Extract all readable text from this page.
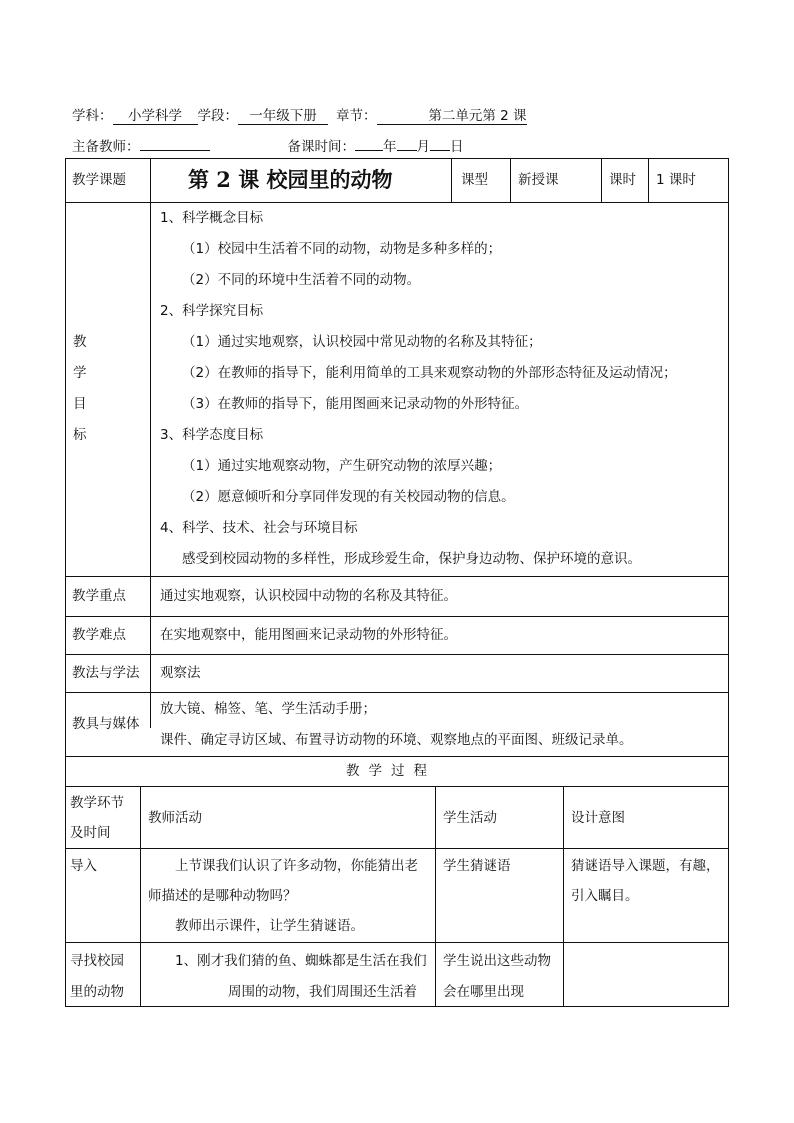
学科： 小学科学 学段： 一年级下册 章节：	第二单元第 2 课
主备教师：	备课时间： 年 月 日
教学课题	第 2 课 校园里的动物	课型 新授课	课时 1 课时
教
学
目
标
1、科学概念目标
（1）校园中生活着不同的动物，动物是多种多样的；
（2）不同的环境中生活着不同的动物。
2、科学探究目标
（1）通过实地观察，认识校园中常见动物的名称及其特征；
（2）在教师的指导下，能利用简单的工具来观察动物的外部形态特征及运动情况；
（3）在教师的指导下，能用图画来记录动物的外形特征。
3、科学态度目标
（1）通过实地观察动物，产生研究动物的浓厚兴趣；
（2）愿意倾听和分享同伴发现的有关校园动物的信息。
4、科学、技术、社会与环境目标
感受到校园动物的多样性，形成珍爱生命，保护身边动物、保护环境的意识。
教学重点	通过实地观察，认识校园中动物的名称及其特征。
教学难点	在实地观察中，能用图画来记录动物的外形特征。
教法与学法 观察法
教具与媒体
放大镜、棉签、笔、学生活动手册；
课件、确定寻访区域、布置寻访动物的环境、观察地点的平面图、班级记录单。
教学过程
教学环节
及时间
教师活动	学生活动	设计意图
导入	上节课我们认识了许多动物，你能猜出老
师描述的是哪种动物吗？
教师出示课件，让学生猜谜语。
学生猜谜语	猜谜语导入课题，有趣，
引入瞩目。
寻找校园
里的动物
1、刚才我们猜的鱼、蜘蛛都是生活在我们
周围的动物，我们周围还生活着
学生说出这些动物
会在哪里出现
